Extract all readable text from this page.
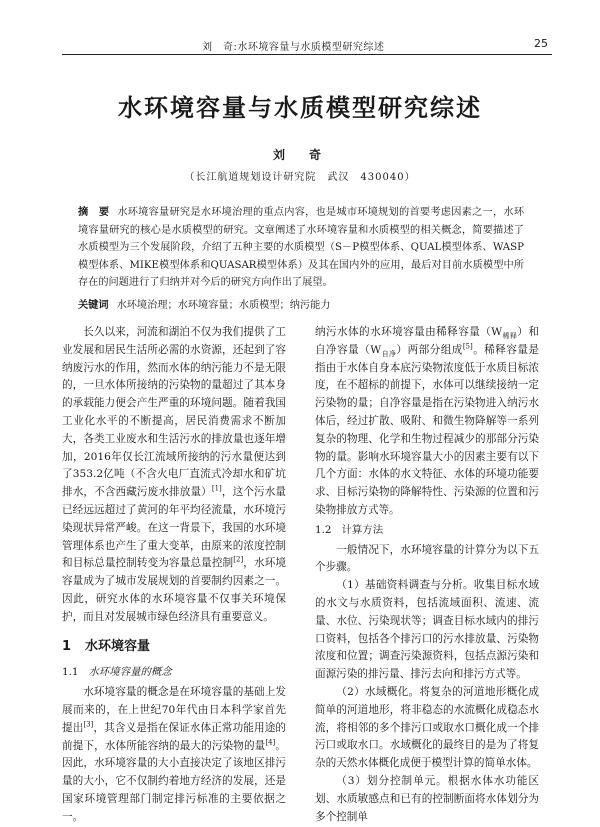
刘　奇:水环境容量与水质模型研究综述	25
水环境容量与水质模型研究综述
刘　奇
（长江航道规划设计研究院　武汉　430040）
摘　要 水环境容量研究是水环境治理的重点内容，也是城市环境规划的首要考虑因素之一，水环境容量研究的核心是水质模型的研究。文章阐述了水环境容量和水质模型的相关概念，简要描述了水质模型为三个发展阶段，介绍了五种主要的水质模型（S－P模型体系、QUAL模型体系、WASP模型体系、MIKE模型体系和QUASAR模型体系）及其在国内外的应用，最后对目前水质模型中所存在的问题进行了归纳并对今后的研究方向作出了展望。
关键词 水环境治理；水环境容量；水质模型；纳污能力

长久以来，河流和湖泊不仅为我们提供了工业发展和居民生活所必需的水资源，还起到了容纳废污水的作用，然而水体的纳污能力不是无限的，一旦水体所接纳的污染物的量超过了其本身的承载能力便会产生严重的环境问题。随着我国工业化水平的不断提高，居民消费需求不断加大，各类工业废水和生活污水的排放量也逐年增加，2016年仅长江流域所接纳的污水量便达到了353.2亿吨（不含火电厂直流式冷却水和矿坑排水，不含西藏污废水排放量）[1]，这个污水量已经远远超过了黄河的年平均径流量，水环境污染现状异常严峻。在这一背景下，我国的水环境管理体系也产生了重大变革，由原来的浓度控制和目标总量控制转变为容量总量控制[2]，水环境容量成为了城市发展规划的首要制约因素之一。因此，研究水体的水环境容量不仅事关环境保护，而且对发展城市绿色经济具有重要意义。

1 水环境容量
1.1 水环境容量的概念

水环境容量的概念是在环境容量的基础上发展而来的，在上世纪70年代由日本科学家首先提出[3]，其含义是指在保证水体正常功能用途的前提下，水体所能容纳的最大的污染物的量[4]。因此，水环境容量的大小直接决定了该地区排污量的大小，它不仅制约着地方经济的发展，还是国家环境管理部门制定排污标准的主要依据之一。

纳污水体的水环境容量由稀释容量$(W_{稀释})$和自净容量$(W_{自净})$两部分组成[5]。稀释容量是指由于水体自身本底污染物浓度低于水质目标浓度，在不超标的前提下，水体可以继续接纳一定污染物的量；自净容量是指在污染物进入纳污水体后，经过扩散、吸附、和微生物降解等一系列复杂的物理、化学和生物过程减少的那部分污染物的量。影响水环境容量大小的因素主要有以下几个方面：水体的水文特征、水体的环境功能要求、目标污染物的降解特性、污染源的位置和污染物排放方式等。

1.2 计算方法

一般情况下，水环境容量的计算分为以下五个步骤。

（1）基础资料调查与分析。收集目标水域的水文与水质资料，包括流域面积、流速、流量、水位、污染现状等；调查目标水域内的排污口资料，包括各个排污口的污水排放量、污染物浓度和位置；调查污染源资料，包括点源污染和面源污染的排污量、排污去向和排污方式等。

（2）水域概化。将复杂的河道地形概化成简单的河道地形，将非稳态的水流概化成稳态水流，将相邻的多个排污口或取水口概化成一个排污口或取水口。水域概化的最终目的是为了将复杂的天然水体概化成便于模型计算的简单水体。

（3）划分控制单元。根据水体水功能区划、水质敏感点和已有的控制断面将水体划分为多个控制单
